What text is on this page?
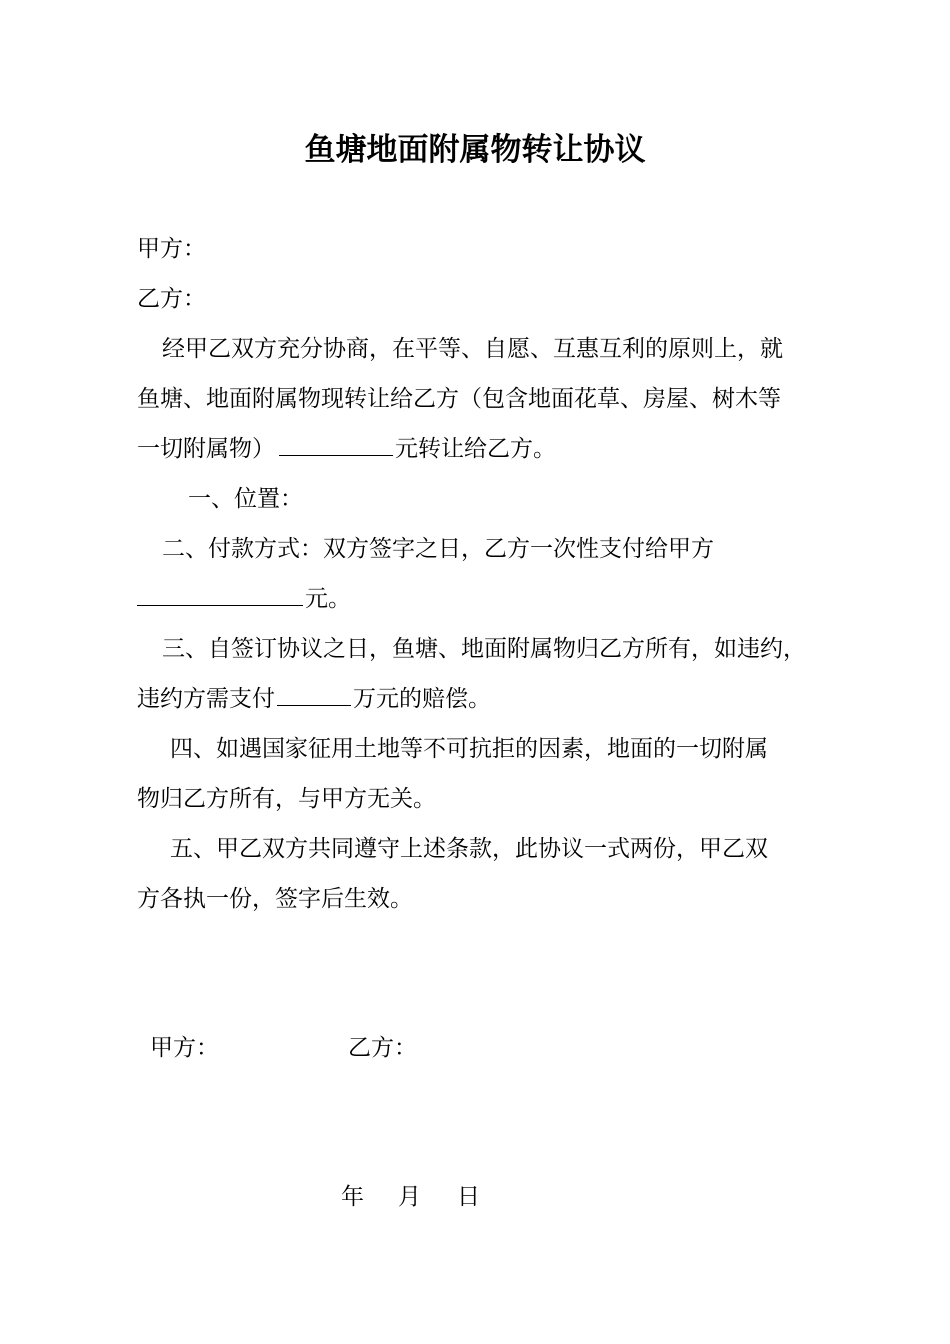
鱼塘地面附属物转让协议
甲方：
乙方：
经甲乙双方充分协商，在平等、自愿、互惠互利的原则上，就
鱼塘、地面附属物现转让给乙方（包含地面花草、房屋、树木等
一切附属物）	元转让给乙方。
一、位置：
二、付款方式：双方签字之日，乙方一次性支付给甲方
元。
三、自签订协议之日，鱼塘、地面附属物归乙方所有，如违约，
违约方需支付	万元的赔偿。
四、如遇国家征用土地等不可抗拒的因素，地面的一切附属
物归乙方所有，与甲方无关。
五、甲乙双方共同遵守上述条款，此协议一式两份，甲乙双
方各执一份，签字后生效。
甲方：	乙方：
年 月 日
